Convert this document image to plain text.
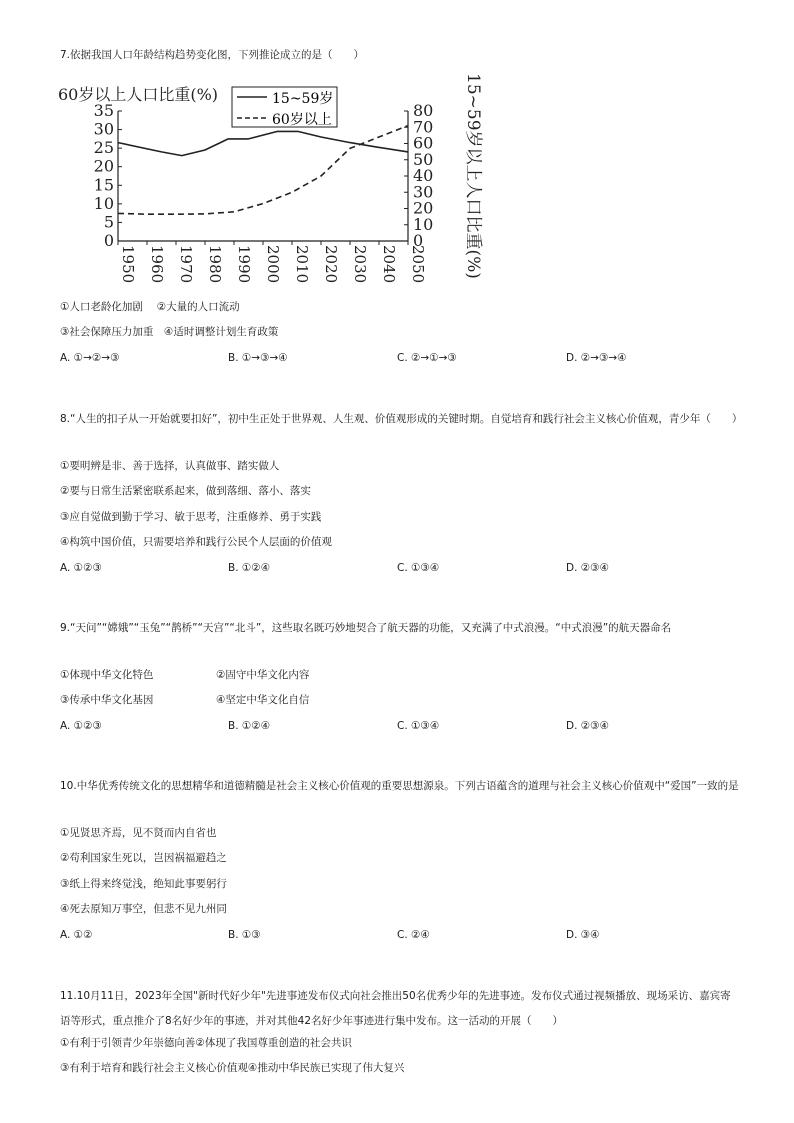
7.依据我国人口年龄结构趋势变化图，下列推论成立的是（　　）
60岁以上人口比重(%)	15~59岁以上人口比重(%)
15~59岁
60岁以上
0
5
10
15
20
25
30
35
0
10
20
30
40
50
60
70
80
1950 1960 1970 1980 1990 2000 2010 2020 2030 2040 2050
①人口老龄化加剧　 ②大量的人口流动
③社会保障压力加重　④适时调整计划生育政策
A. ①→②→③	B. ①→③→④	C. ②→①→③	D. ②→③→④
8.“人生的扣子从一开始就要扣好”，初中生正处于世界观、人生观、价值观形成的关键时期。自觉培育和践行社会主义核心价值观，青少年（　　）
①要明辨是非、善于选择，认真做事、踏实做人
②要与日常生活紧密联系起来，做到落细、落小、落实
③应自觉做到勤于学习、敏于思考，注重修养、勇于实践
④构筑中国价值，只需要培养和践行公民个人层面的价值观
A. ①②③	B. ①②④	C. ①③④	D. ②③④
9.“天问”“嫦娥”“玉兔”“鹊桥”“天宫”“北斗”，这些取名既巧妙地契合了航天器的功能，又充满了中式浪漫。“中式浪漫”的航天器命名
①体现中华文化特色	②固守中华文化内容
③传承中华文化基因	④坚定中华文化自信
A. ①②③	B. ①②④	C. ①③④	D. ②③④
10.中华优秀传统文化的思想精华和道德精髓是社会主义核心价值观的重要思想源泉。下列古语蕴含的道理与社会主义核心价值观中“爱国”一致的是
①见贤思齐焉，见不贤而内自省也
②苟利国家生死以，岂因祸福避趋之
③纸上得来终觉浅，绝知此事要躬行
④死去原知万事空，但悲不见九州同
A. ①②	B. ①③	C. ②④	D. ③④
11.10月11日，2023年全国"新时代好少年"先进事迹发布仪式向社会推出50名优秀少年的先进事迹。发布仪式通过视频播放、现场采访、嘉宾寄语等形式，重点推介了8名好少年的事迹，并对其他42名好少年事迹进行集中发布。这一活动的开展（　　）
①有利于引领青少年崇德向善②体现了我国尊重创造的社会共识
③有利于培育和践行社会主义核心价值观④推动中华民族已实现了伟大复兴
